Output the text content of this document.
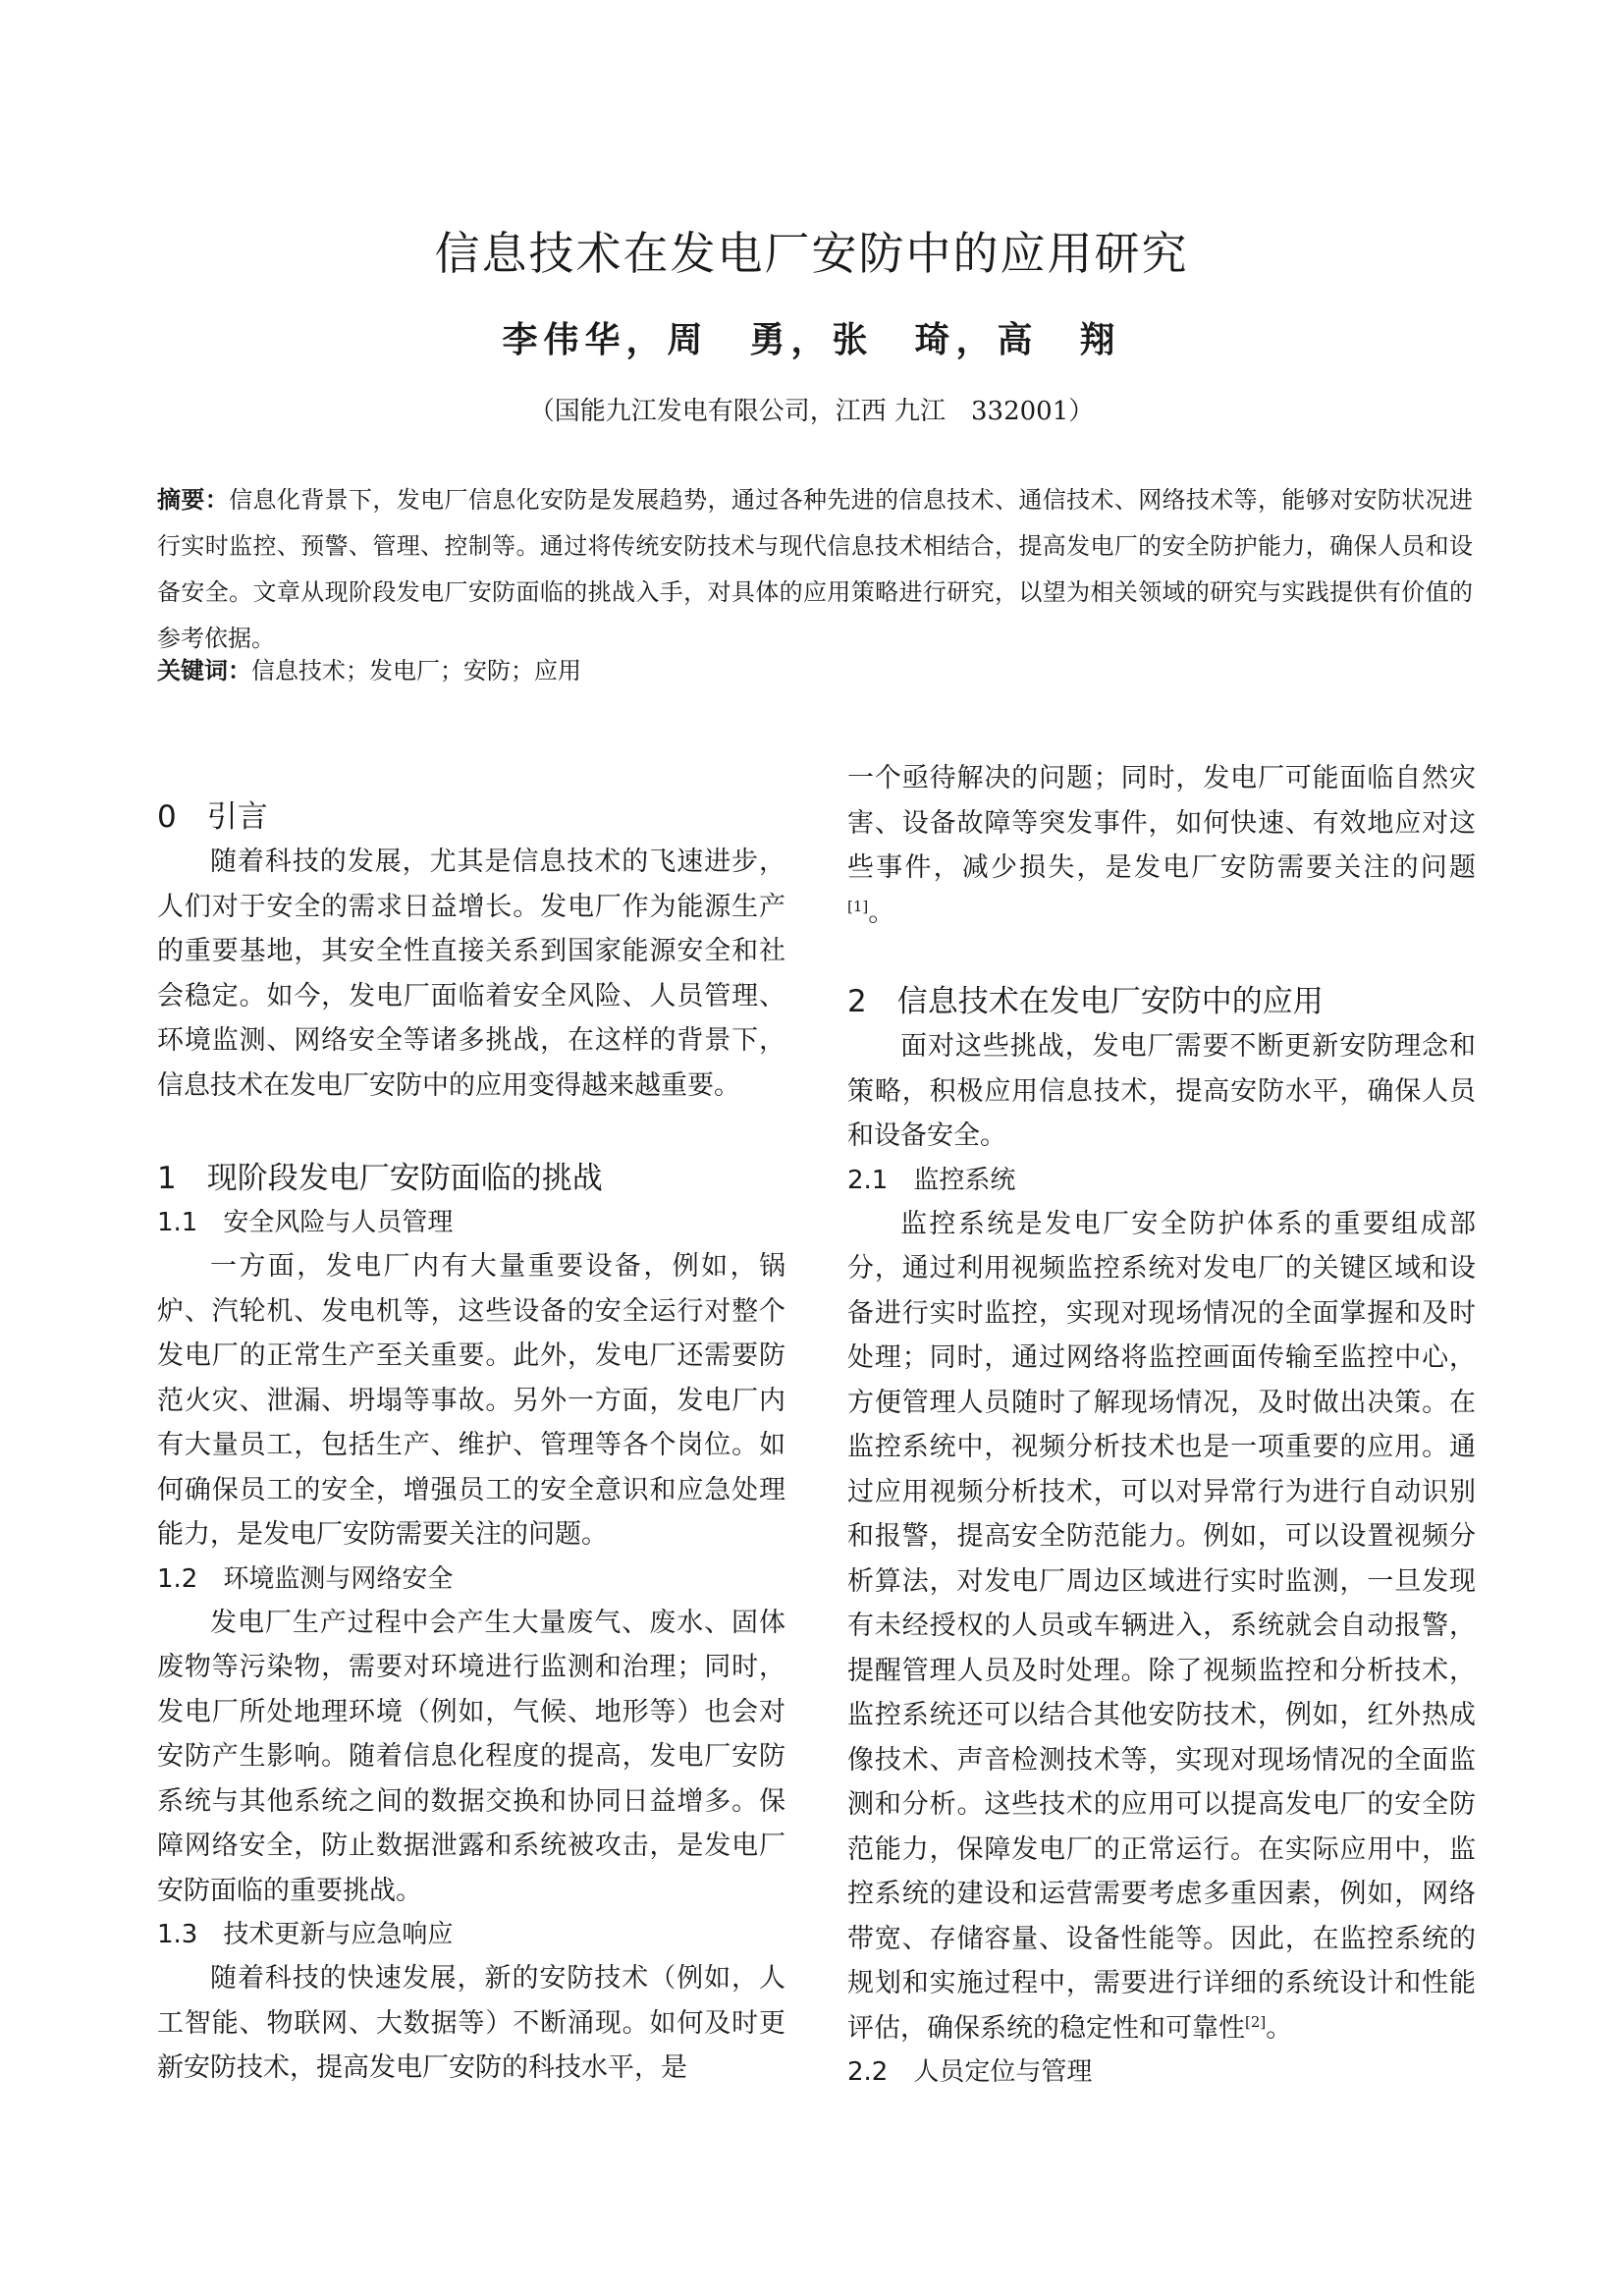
信息技术在发电厂安防中的应用研究
李伟华，周　勇，张　琦，高　翔
（国能九江发电有限公司，江西 九江　332001）
摘要：信息化背景下，发电厂信息化安防是发展趋势，通过各种先进的信息技术、通信技术、网络技术等，能够对安防状况进行实时监控、预警、管理、控制等。通过将传统安防技术与现代信息技术相结合，提高发电厂的安全防护能力，确保人员和设备安全。文章从现阶段发电厂安防面临的挑战入手，对具体的应用策略进行研究，以望为相关领域的研究与实践提供有价值的参考依据。
关键词：信息技术；发电厂；安防；应用

0　引言

随着科技的发展，尤其是信息技术的飞速进步，人们对于安全的需求日益增长。发电厂作为能源生产的重要基地，其安全性直接关系到国家能源安全和社会稳定。如今，发电厂面临着安全风险、人员管理、环境监测、网络安全等诸多挑战，在这样的背景下，信息技术在发电厂安防中的应用变得越来越重要。

1　现阶段发电厂安防面临的挑战

1.1　安全风险与人员管理

一方面，发电厂内有大量重要设备，例如，锅炉、汽轮机、发电机等，这些设备的安全运行对整个发电厂的正常生产至关重要。此外，发电厂还需要防范火灾、泄漏、坍塌等事故。另外一方面，发电厂内有大量员工，包括生产、维护、管理等各个岗位。如何确保员工的安全，增强员工的安全意识和应急处理能力，是发电厂安防需要关注的问题。

1.2　环境监测与网络安全

发电厂生产过程中会产生大量废气、废水、固体废物等污染物，需要对环境进行监测和治理；同时，发电厂所处地理环境（例如，气候、地形等）也会对安防产生影响。随着信息化程度的提高，发电厂安防系统与其他系统之间的数据交换和协同日益增多。保障网络安全，防止数据泄露和系统被攻击，是发电厂安防面临的重要挑战。

1.3　技术更新与应急响应

随着科技的快速发展，新的安防技术（例如，人工智能、物联网、大数据等）不断涌现。如何及时更新安防技术，提高发电厂安防的科技水平，是

一个亟待解决的问题；同时，发电厂可能面临自然灾害、设备故障等突发事件，如何快速、有效地应对这些事件，减少损失，是发电厂安防需要关注的问题[1]。

2　信息技术在发电厂安防中的应用

面对这些挑战，发电厂需要不断更新安防理念和策略，积极应用信息技术，提高安防水平，确保人员和设备安全。

2.1　监控系统

监控系统是发电厂安全防护体系的重要组成部分，通过利用视频监控系统对发电厂的关键区域和设备进行实时监控，实现对现场情况的全面掌握和及时处理；同时，通过网络将监控画面传输至监控中心，方便管理人员随时了解现场情况，及时做出决策。在监控系统中，视频分析技术也是一项重要的应用。通过应用视频分析技术，可以对异常行为进行自动识别和报警，提高安全防范能力。例如，可以设置视频分析算法，对发电厂周边区域进行实时监测，一旦发现有未经授权的人员或车辆进入，系统就会自动报警，提醒管理人员及时处理。除了视频监控和分析技术，监控系统还可以结合其他安防技术，例如，红外热成像技术、声音检测技术等，实现对现场情况的全面监测和分析。这些技术的应用可以提高发电厂的安全防范能力，保障发电厂的正常运行。在实际应用中，监控系统的建设和运营需要考虑多重因素，例如，网络带宽、存储容量、设备性能等。因此，在监控系统的规划和实施过程中，需要进行详细的系统设计和性能评估，确保系统的稳定性和可靠性[2]。

2.2　人员定位与管理
